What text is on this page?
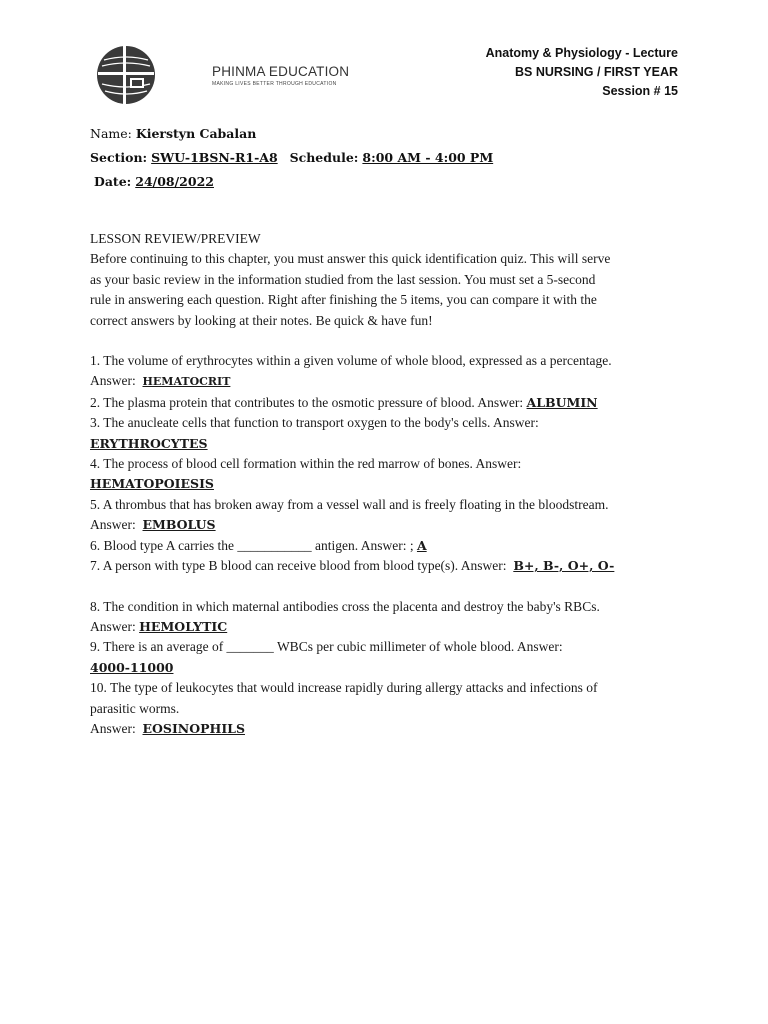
PHINMA EDUCATION
MAKING LIVES BETTER THROUGH EDUCATION
Anatomy & Physiology - Lecture
BS NURSING / FIRST YEAR
Session # 15
Name: Kierstyn Cabalan
Section: SWU-1BSN-R1-A8 Schedule: 8:00 AM - 4:00 PM
Date: 24/08/2022

LESSON REVIEW/PREVIEW

Before continuing to this chapter, you must answer this quick identification quiz. This will serve

as your basic review in the information studied from the last session. You must set a 5-second

rule in answering each question. Right after finishing the 5 items, you can compare it with the

correct answers by looking at their notes. Be quick & have fun!

1. The volume of erythrocytes within a given volume of whole blood, expressed as a percentage.

Answer: HEMATOCRIT

2. The plasma protein that contributes to the osmotic pressure of blood. Answer: ALBUMIN

3. The anucleate cells that function to transport oxygen to the body's cells. Answer:

ERYTHROCYTES

4. The process of blood cell formation within the red marrow of bones. Answer:

HEMATOPOIESIS

5. A thrombus that has broken away from a vessel wall and is freely floating in the bloodstream.

Answer: EMBOLUS

6. Blood type A carries the ___________ antigen. Answer: ; A

7. A person with type B blood can receive blood from blood type(s). Answer: B+, B-, O+, O-

8. The condition in which maternal antibodies cross the placenta and destroy the baby's RBCs.

Answer: HEMOLYTIC

9. There is an average of _______ WBCs per cubic millimeter of whole blood. Answer:

4000-11000

10. The type of leukocytes that would increase rapidly during allergy attacks and infections of

parasitic worms.

Answer: EOSINOPHILS
